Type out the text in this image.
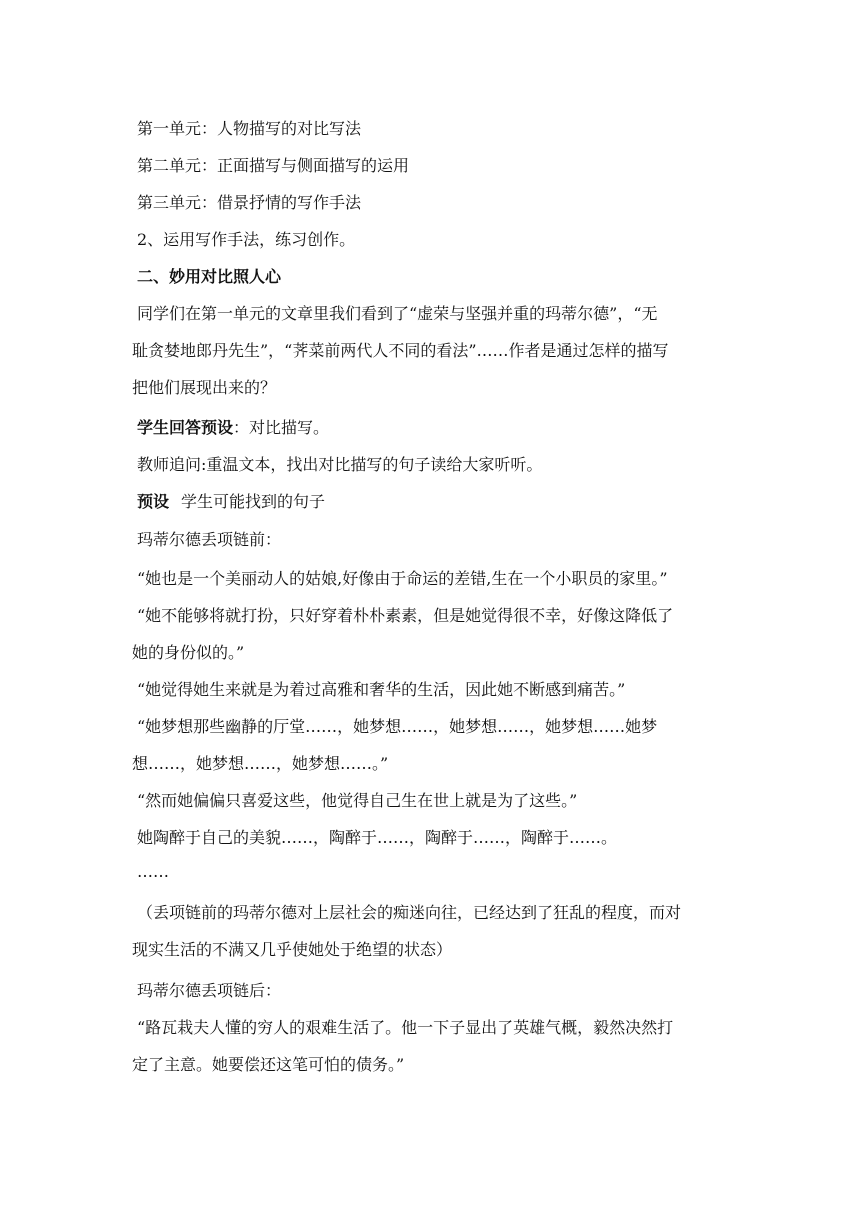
第一单元：人物描写的对比写法
第二单元：正面描写与侧面描写的运用
第三单元：借景抒情的写作手法
2、运用写作手法，练习创作。
二、妙用对比照人心
同学们在第一单元的文章里我们看到了“虚荣与坚强并重的玛蒂尔德”，“无
耻贪婪地郎丹先生”，“荠菜前两代人不同的看法”……作者是通过怎样的描写
把他们展现出来的？
学生回答预设：对比描写。
教师追问:重温文本，找出对比描写的句子读给大家听听。
预设 学生可能找到的句子
玛蒂尔德丢项链前：
“她也是一个美丽动人的姑娘,好像由于命运的差错,生在一个小职员的家里。”
“她不能够将就打扮，只好穿着朴朴素素，但是她觉得很不幸，好像这降低了
她的身份似的。”
“她觉得她生来就是为着过高雅和奢华的生活，因此她不断感到痛苦。”
“她梦想那些幽静的厅堂……，她梦想……，她梦想……，她梦想……她梦
想……，她梦想……，她梦想……。”
“然而她偏偏只喜爱这些，他觉得自己生在世上就是为了这些。”
她陶醉于自己的美貌……，陶醉于……，陶醉于……，陶醉于……。
……
（丢项链前的玛蒂尔德对上层社会的痴迷向往，已经达到了狂乱的程度，而对
现实生活的不满又几乎使她处于绝望的状态）
玛蒂尔德丢项链后：
“路瓦栽夫人懂的穷人的艰难生活了。他一下子显出了英雄气概，毅然决然打
定了主意。她要偿还这笔可怕的债务。”
